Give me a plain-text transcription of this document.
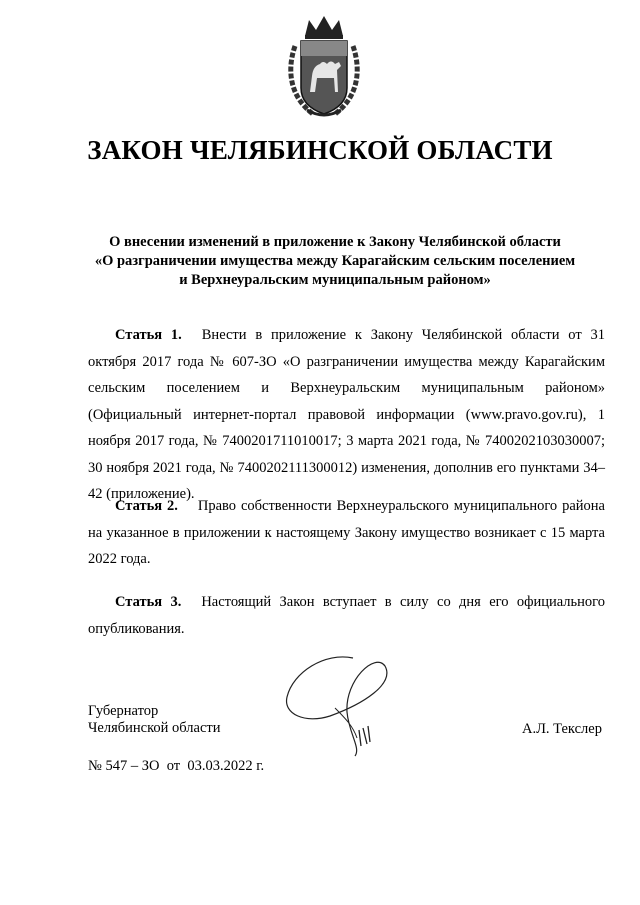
ЗАКОН ЧЕЛЯБИНСКОЙ ОБЛАСТИ
О внесении изменений в приложение к Закону Челябинской области
«О разграничении имущества между Карагайским сельским поселением
и Верхнеуральским муниципальным районом»
Статья 1. Внести в приложение к Закону Челябинской области от 31 октября 2017 года № 607-ЗО «О разграничении имущества между Карагайским сельским поселением и Верхнеуральским муниципальным районом» (Официальный интернет-портал правовой информации (www.pravo.gov.ru), 1 ноября 2017 года, № 7400201711010017; 3 марта 2021 года, № 7400202103030007; 30 ноября 2021 года, № 7400202111300012) изменения, дополнив его пунктами 34–42 (приложение).
Статья 2. Право собственности Верхнеуральского муниципального района на указанное в приложении к настоящему Закону имущество возникает с 15 марта 2022 года.
Статья 3. Настоящий Закон вступает в силу со дня его официального опубликования.
Губернатор
Челябинской области	А.Л. Текслер
№ 547 – ЗО  от  03.03.2022 г.
